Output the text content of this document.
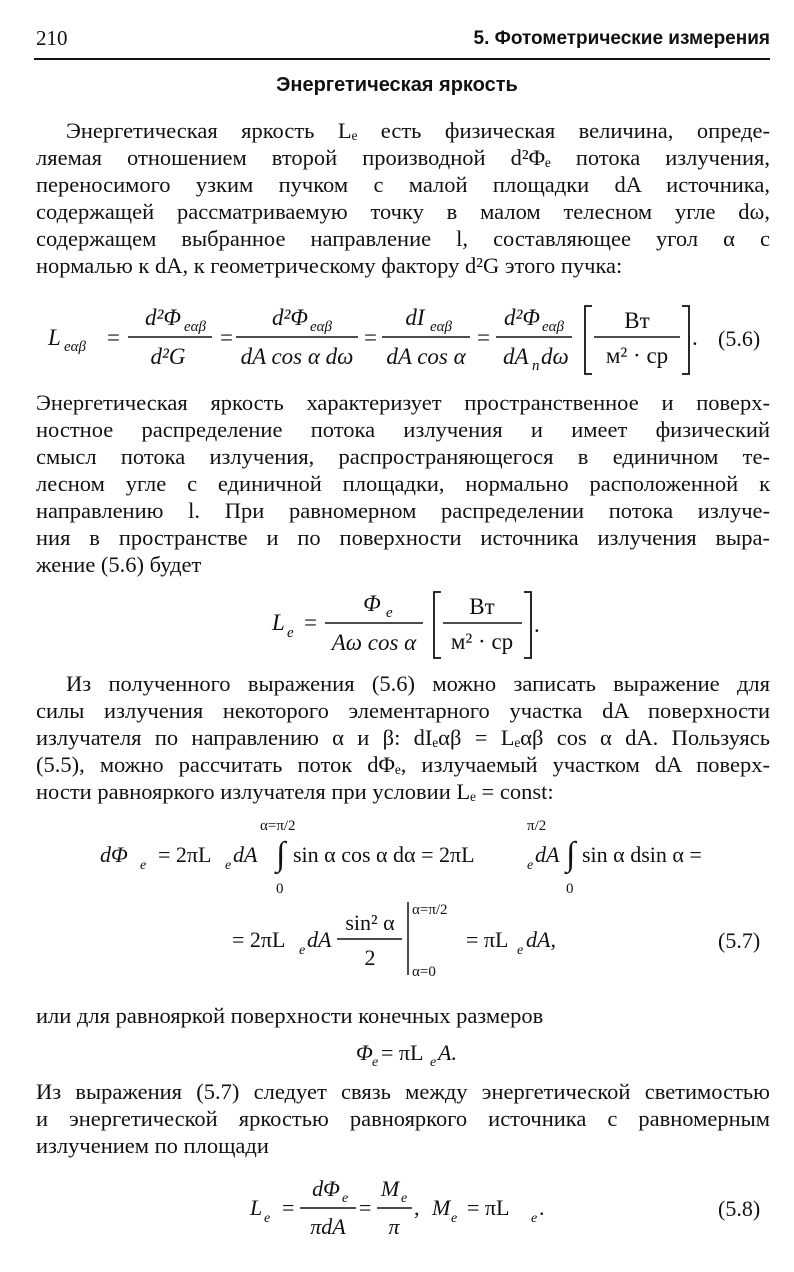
210	5. Фотометрические измерения
Энергетическая яркость
Энергетическая яркость Lₑ есть физическая величина, опреде-
ляемая отношением второй производной d²Φₑ потока излучения,
переносимого узким пучком с малой площадки dA источника,
содержащей рассматриваемую точку в малом телесном угле dω,
содержащем выбранное направление l, составляющее угол α с
нормалью к dA, к геометрическому фактору d²G этого пучка:
L eαβ =
d²Φ eαβ
d²G
=
d²Φ eαβ
dA cos α dω
=
dI eαβ
dA cos α
=
d²Φ eαβ
dA n dω
Вт
м² · ср
. (5.6)
Энергетическая яркость характеризует пространственное и поверх-
ностное распределение потока излучения и имеет физический
смысл потока излучения, распространяющегося в единичном те-
лесном угле с единичной площадки, нормально расположенной к
направлению l. При равномерном распределении потока излуче-
ния в пространстве и по поверхности источника излучения выра-
жение (5.6) будет
L e =
Φ e
Aω cos α
Вт
м² · ср
.
Из полученного выражения (5.6) можно записать выражение для
силы излучения некоторого элементарного участка dA поверхности
излучателя по направлению α и β: dIₑαβ = Lₑαβ cos α dA. Пользуясь
(5.5), можно рассчитать поток dΦₑ, излучаемый участком dA поверх-
ности равнояркого излучателя при условии Lₑ = const:
dΦ e = 2πL e dA
α=π/2
∫
0
sin α cos α dα = 2πL	e dA
π/2
∫
0
sin α dsin α =
= 2πL e dA
sin² α
2
α=π/2
α=0
= πL e dA,	(5.7)
или для равнояркой поверхности конечных размеров
Φ e = πL e A.
Из выражения (5.7) следует связь между энергетической светимостью
и энергетической яркостью равнояркого источника с равномерным
излучением по площади
L e =
dΦ e
πdA
=
M e
π
, M e = πL e .	(5.8)
